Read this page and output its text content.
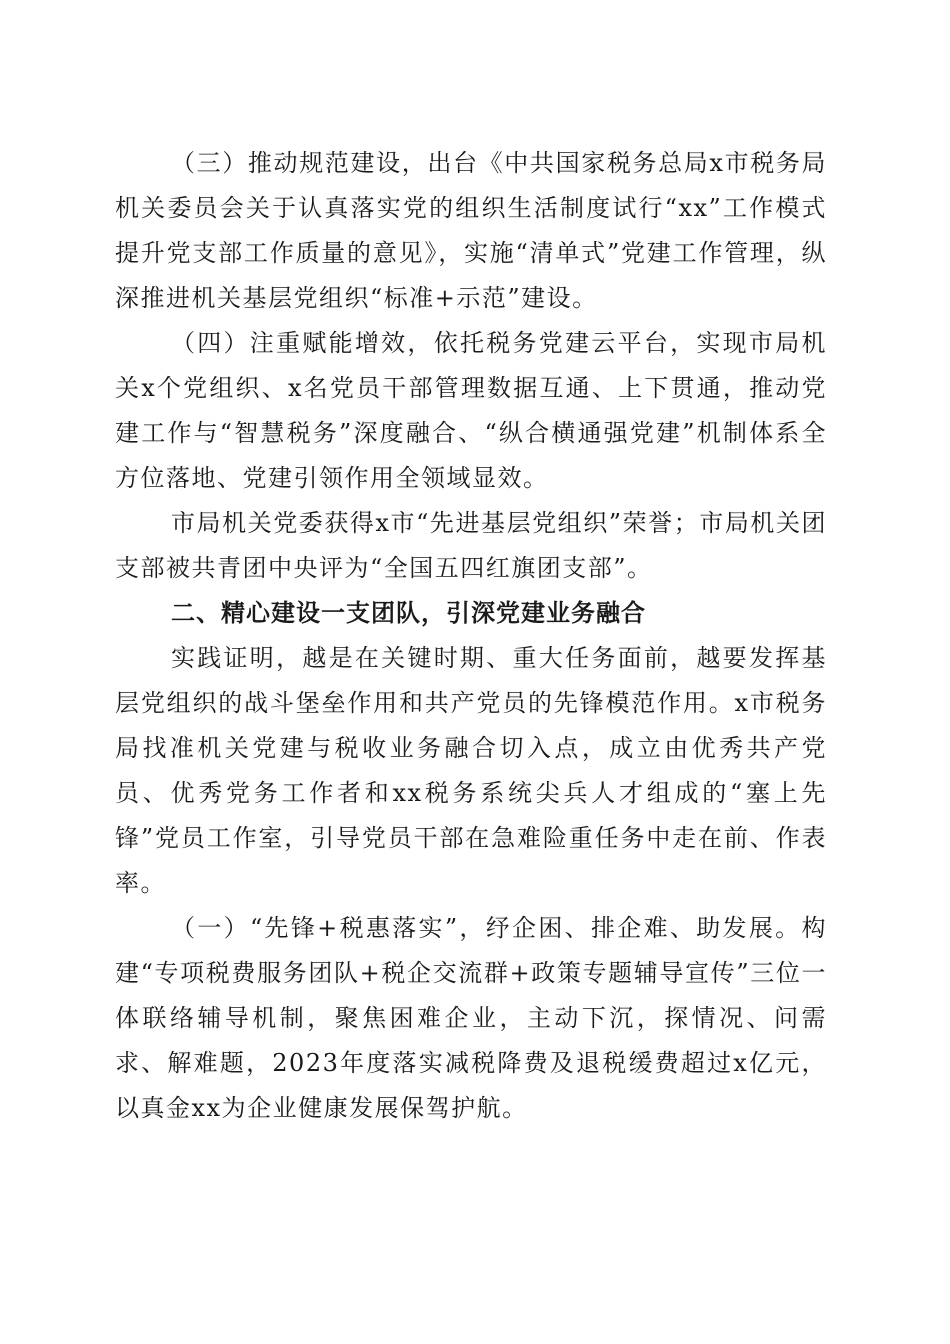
（三）推动规范建设，出台《中共国家税务总局x市税务局机关委员会关于认真落实党的组织生活制度试行“xx”工作模式提升党支部工作质量的意见》，实施“清单式”党建工作管理，纵深推进机关基层党组织“标准+示范”建设。

（四）注重赋能增效，依托税务党建云平台，实现市局机关x个党组织、x名党员干部管理数据互通、上下贯通，推动党建工作与“智慧税务”深度融合、“纵合横通强党建”机制体系全方位落地、党建引领作用全领域显效。

市局机关党委获得x市“先进基层党组织”荣誉；市局机关团支部被共青团中央评为“全国五四红旗团支部”。

二、精心建设一支团队，引深党建业务融合

实践证明，越是在关键时期、重大任务面前，越要发挥基层党组织的战斗堡垒作用和共产党员的先锋模范作用。x市税务局找准机关党建与税收业务融合切入点，成立由优秀共产党员、优秀党务工作者和xx税务系统尖兵人才组成的“塞上先锋”党员工作室，引导党员干部在急难险重任务中走在前、作表率。

（一）“先锋+税惠落实”，纾企困、排企难、助发展。构建“专项税费服务团队+税企交流群+政策专题辅导宣传”三位一体联络辅导机制，聚焦困难企业，主动下沉，探情况、问需求、解难题，2023年度落实减税降费及退税缓费超过x亿元，以真金xx为企业健康发展保驾护航。
